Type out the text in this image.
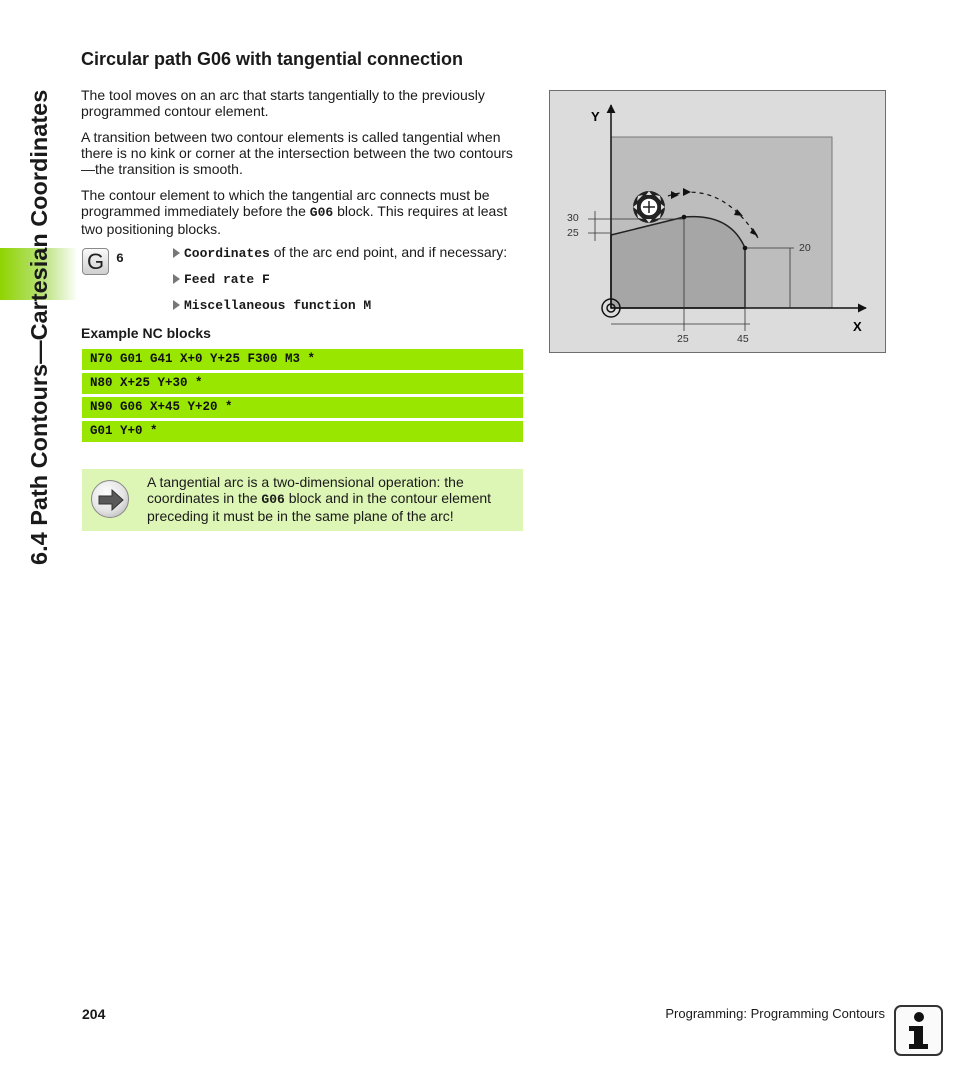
6.4 Path Contours—Cartesian Coordinates
Circular path G06 with tangential connection

The tool moves on an arc that starts tangentially to the previously programmed contour element.

A transition between two contour elements is called tangential when there is no kink or corner at the intersection between the two contours—the transition is smooth.

The contour element to which the tangential arc connects must be programmed immediately before the G06 block. This requires at least two positioning blocks.

G 6	Coordinates of the arc end point, and if necessary:
Feed rate F
Miscellaneous function M
Example NC blocks
N70 G01 G41 X+0 Y+25 F300 M3 *
N80 X+25 Y+30 *
N90 G06 X+45 Y+20 *
G01 Y+0 *

A tangential arc is a two-dimensional operation: the coordinates in the G06 block and in the contour element preceding it must be in the same plane of the arc!

Y
X
30
25
20
25	45
204	Programming: Programming Contours
